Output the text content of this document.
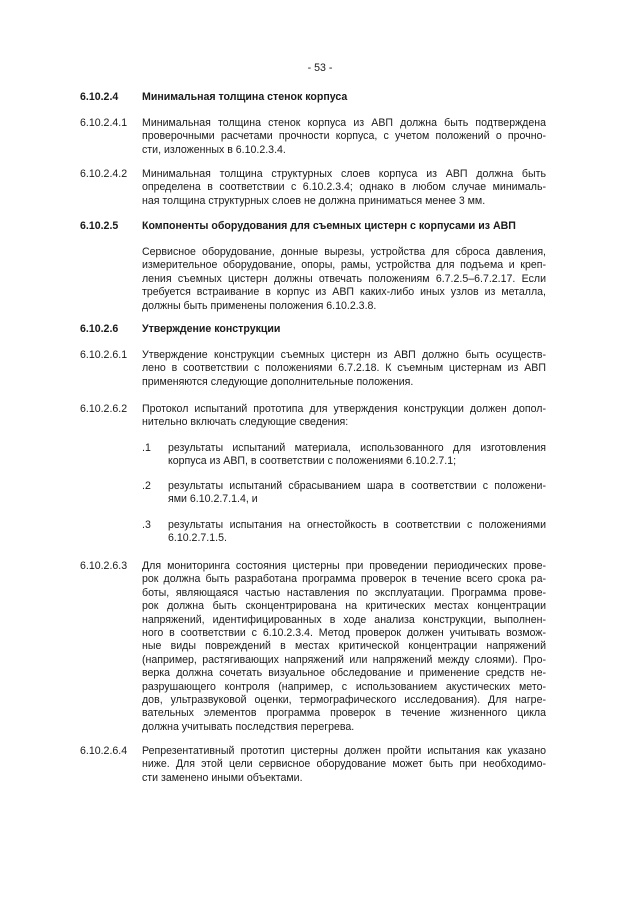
- 53 -
6.10.2.4 Минимальная толщина стенок корпуса
6.10.2.4.1 Минимальная толщина стенок корпуса из АВП должна быть подтверждена
проверочными расчетами прочности корпуса, с учетом положений о прочно-
сти, изложенных в 6.10.2.3.4.
6.10.2.4.2 Минимальная толщина структурных слоев корпуса из АВП должна быть
определена в соответствии с 6.10.2.3.4; однако в любом случае минималь-
ная толщина структурных слоев не должна приниматься менее 3 мм.
6.10.2.5 Компоненты оборудования для съемных цистерн с корпусами из АВП
Сервисное оборудование, донные вырезы, устройства для сброса давления,
измерительное оборудование, опоры, рамы, устройства для подъема и креп-
ления съемных цистерн должны отвечать положениям 6.7.2.5–6.7.2.17. Если
требуется встраивание в корпус из АВП каких-либо иных узлов из металла,
должны быть применены положения 6.10.2.3.8.
6.10.2.6 Утверждение конструкции
6.10.2.6.1 Утверждение конструкции съемных цистерн из АВП должно быть осуществ-
лено в соответствии с положениями 6.7.2.18. К съемным цистернам из АВП
применяются следующие дополнительные положения.
6.10.2.6.2 Протокол испытаний прототипа для утверждения конструкции должен допол-
нительно включать следующие сведения:
.1 результаты испытаний материала, использованного для изготовления
корпуса из АВП, в соответствии с положениями 6.10.2.7.1;
.2 результаты испытаний сбрасыванием шара в соответствии с положени-
ями 6.10.2.7.1.4, и
.3 результаты испытания на огнестойкость в соответствии с положениями
6.10.2.7.1.5.
6.10.2.6.3 Для мониторинга состояния цистерны при проведении периодических прове-
рок должна быть разработана программа проверок в течение всего срока ра-
боты, являющаяся частью наставления по эксплуатации. Программа прове-
рок должна быть сконцентрирована на критических местах концентрации
напряжений, идентифицированных в ходе анализа конструкции, выполнен-
ного в соответствии с 6.10.2.3.4. Метод проверок должен учитывать возмож-
ные виды повреждений в местах критической концентрации напряжений
(например, растягивающих напряжений или напряжений между слоями). Про-
верка должна сочетать визуальное обследование и применение средств не-
разрушающего контроля (например, с использованием акустических мето-
дов, ультразвуковой оценки, термографического исследования). Для нагре-
вательных элементов программа проверок в течение жизненного цикла
должна учитывать последствия перегрева.
6.10.2.6.4 Репрезентативный прототип цистерны должен пройти испытания как указано
ниже. Для этой цели сервисное оборудование может быть при необходимо-
сти заменено иными объектами.
